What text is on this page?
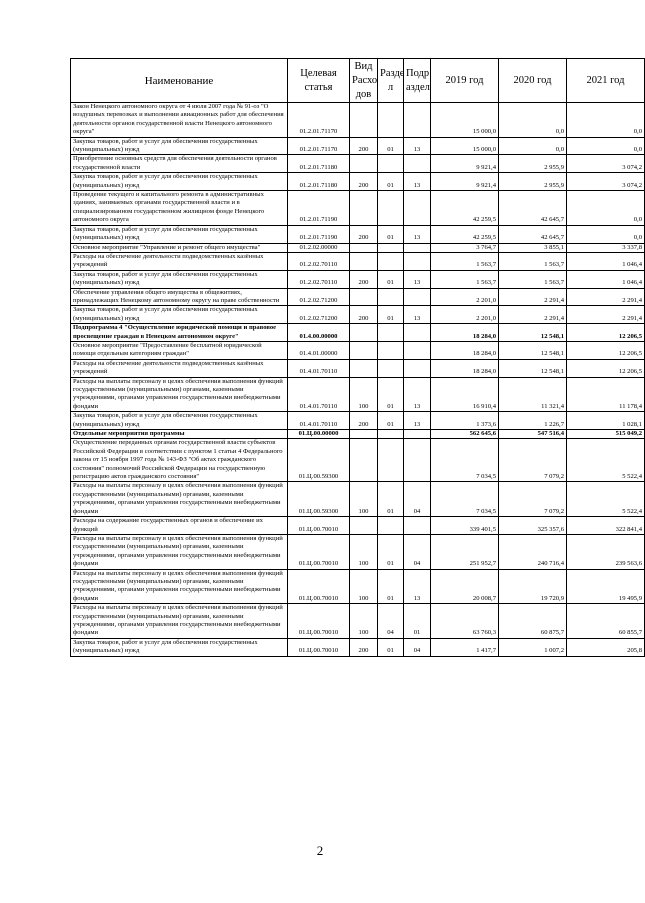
Наименование	Целевая статья	Вид Расхо дов	Разде л	Подр аздел	2019 год	2020 год	2021 год
Закон Ненецкого автономного округа от 4 июля 2007 года № 91-оз "О воздушных перевозках и выполнении авиационных работ для обеспечения деятельности органов государственной власти Ненецкого автономного округа"	01.2.01.71170				15 000,0	0,0	0,0
Закупка товаров, работ и услуг для обеспечения государственных (муниципальных) нужд	01.2.01.71170	200	01	13	15 000,0	0,0	0,0
Приобретение основных средств для обеспечения деятельности органов государственной власти	01.2.01.71180				9 921,4	2 955,9	3 074,2
Закупка товаров, работ и услуг для обеспечения государственных (муниципальных) нужд	01.2.01.71180	200	01	13	9 921,4	2 955,9	3 074,2
Проведение текущего и капитального ремонта в административных зданиях, занимаемых органами государственной власти и в специализированном государственном жилищном фонде Ненецкого автономного округа	01.2.01.71190				42 259,5	42 645,7	0,0
Закупка товаров, работ и услуг для обеспечения государственных (муниципальных) нужд	01.2.01.71190	200	01	13	42 259,5	42 645,7	0,0
Основное мероприятие "Управление и ремонт общего имущества"	01.2.02.00000				3 764,7	3 855,1	3 337,8
Расходы на обеспечение деятельности подведомственных казённых учреждений	01.2.02.70110				1 563,7	1 563,7	1 046,4
Закупка товаров, работ и услуг для обеспечения государственных (муниципальных) нужд	01.2.02.70110	200	01	13	1 563,7	1 563,7	1 046,4
Обеспечение управления общего имущества в общежитиях, принадлежащих Ненецкому автономному округу на праве собственности	01.2.02.71200				2 201,0	2 291,4	2 291,4
Закупка товаров, работ и услуг для обеспечения государственных (муниципальных) нужд	01.2.02.71200	200	01	13	2 201,0	2 291,4	2 291,4
Подпрограмма 4 "Осуществление юридической помощи и правовое просвещение граждан в Ненецком автономном округе"	01.4.00.00000				18 284,0	12 548,1	12 206,5
Основное мероприятие "Предоставление бесплатной юридической помощи отдельным категориям граждан"	01.4.01.00000				18 284,0	12 548,1	12 206,5
Расходы на обеспечение деятельности подведомственных казённых учреждений	01.4.01.70110				18 284,0	12 548,1	12 206,5
Расходы на выплаты персоналу в целях обеспечения выполнения функций государственными (муниципальными) органами, казенными учреждениями, органами управления государственными внебюджетными фондами	01.4.01.70110	100	01	13	16 910,4	11 321,4	11 178,4
Закупка товаров, работ и услуг для обеспечения государственных (муниципальных) нужд	01.4.01.70110	200	01	13	1 373,6	1 226,7	1 028,1
Отдельные мероприятия программы	01.Ц.00.00000				562 645,6	547 516,4	515 049,2
Осуществление переданных органам государственной власти субъектов Российской Федерации в соответствии с пунктом 1 статьи 4 Федерального закона от 15 ноября 1997 года № 143-ФЗ "Об актах гражданского состояния" полномочий Российской Федерации на государственную регистрацию актов гражданского состояния"	01.Ц.00.59300				7 034,5	7 079,2	5 522,4
Расходы на выплаты персоналу в целях обеспечения выполнения функций государственными (муниципальными) органами, казенными учреждениями, органами управления государственными внебюджетными фондами	01.Ц.00.59300	100	01	04	7 034,5	7 079,2	5 522,4
Расходы на содержание государственных органов и обеспечение их функций	01.Ц.00.70010				339 401,5	325 357,6	322 841,4
Расходы на выплаты персоналу в целях обеспечения выполнения функций государственными (муниципальными) органами, казенными учреждениями, органами управления государственными внебюджетными фондами	01.Ц.00.70010	100	01	04	251 952,7	240 716,4	239 563,6
Расходы на выплаты персоналу в целях обеспечения выполнения функций государственными (муниципальными) органами, казенными учреждениями, органами управления государственными внебюджетными фондами	01.Ц.00.70010	100	01	13	20 008,7	19 720,9	19 495,9
Расходы на выплаты персоналу в целях обеспечения выполнения функций государственными (муниципальными) органами, казенными учреждениями, органами управления государственными внебюджетными фондами	01.Ц.00.70010	100	04	01	63 760,3	60 875,7	60 855,7
Закупка товаров, работ и услуг для обеспечения государственных (муниципальных) нужд	01.Ц.00.70010	200	01	04	1 417,7	1 007,2	205,8
2
